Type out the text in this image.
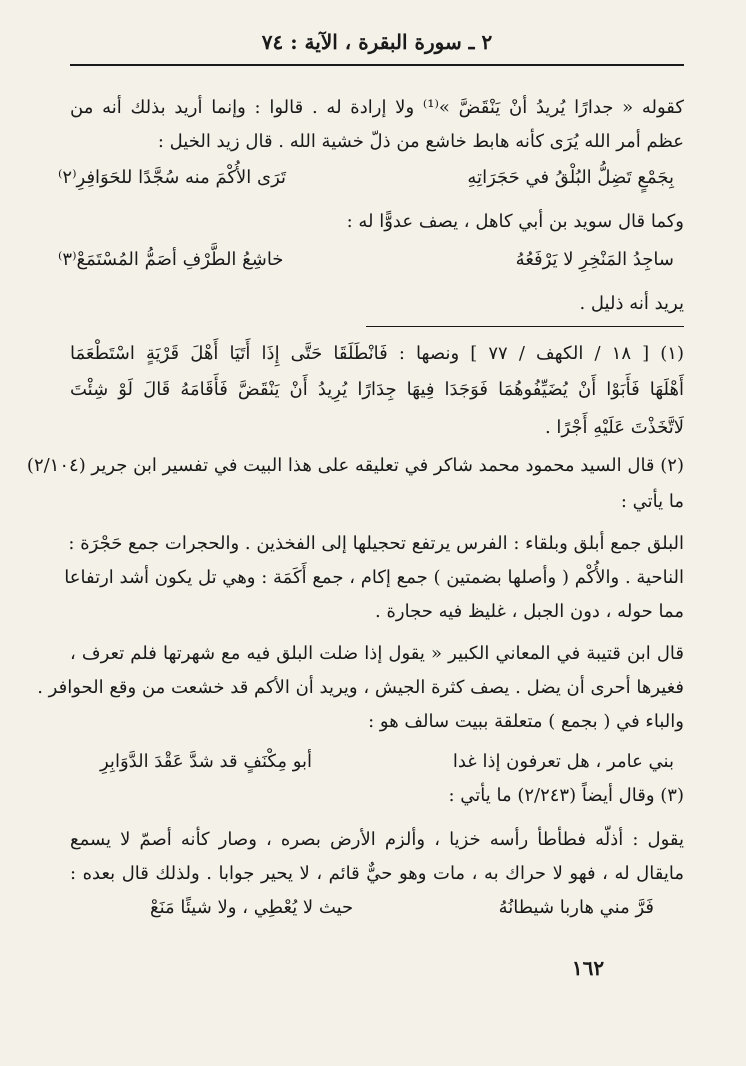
٢ ـ سورة البقرة ، الآية : ٧٤
كقوله « جدارًا يُريدُ أنْ يَنْقَضَّ »⁽¹⁾ ولا إرادة له . قالوا : وإنما أريد بذلك أنه من
عظم أمر الله يُرَى كأنه هابط خاشع من ذلّ خشية الله . قال زيد الخيل :
بِجَمْعٍ تَضِلُّ البُلْقُ في حَجَرَاتِهِ
تَرَى الأُكْمَ منه سُجَّدًا للحَوَافِرِ⁽٢⁾
وكما قال سويد بن أبي كاهل ، يصف عدوًّا له :
ساجِدُ المَنْخِرِ لا يَرْفَعُهُ
خاشِعُ الطَّرْفِ أصَمُّ المُسْتَمَعْ⁽٣⁾
يريد أنه ذليل .
(١) [ ١٨ / الكهف / ٧٧ ] ونصها : فَانْطَلَقَا حَتَّى إِذَا أَتَيَا أَهْلَ قَرْيَةٍ اسْتَطْعَمَا
أَهْلَهَا فَأَبَوْا أَنْ يُضَيِّفُوهُمَا فَوَجَدَا فِيهَا جِدَارًا يُرِيدُ أَنْ يَنْقَضَّ فَأَقَامَهُ قَالَ لَوْ شِئْتَ
لَاتَّخَذْتَ عَلَيْهِ أَجْرًا .
(٢) قال السيد محمود محمد شاكر في تعليقه على هذا البيت في تفسير ابن جرير (٢/١٠٤)
ما يأتي :
البلق جمع أبلق وبلقاء : الفرس يرتفع تحجيلها إلى الفخذين . والحجرات جمع حَجْرَة :
الناحية . والأُكْم ( وأصلها بضمتين ) جمع إكام ، جمع أَكَمَة : وهي تل يكون أشد ارتفاعا
مما حوله ، دون الجبل ، غليظ فيه حجارة .
قال ابن قتيبة في المعاني الكبير « يقول إذا ضلت البلق فيه مع شهرتها فلم تعرف ،
فغيرها أحرى أن يضل . يصف كثرة الجيش ، ويريد أن الأكم قد خشعت من وقع الحوافر .
والباء في ( بجمع ) متعلقة ببيت سالف هو :
بني عامر ، هل تعرفون إذا غدا
أبو مِكْنَفٍ قد شدَّ عَقْدَ الدَّوَابِرِ
(٣) وقال أيضاً (٢/٢٤٣) ما يأتي :
يقول : أذلّه فطأطأ رأسه خزيا ، وألزم الأرض بصره ، وصار كأنه أصمّ لا يسمع
مايقال له ، فهو لا حراك به ، مات وهو حيٌّ قائم ، لا يحير جوابا . ولذلك قال بعده :
فَرَّ مني هاربا شيطانُهُ
حيث لا يُعْطِي ، ولا شيئًا مَنَعْ
١٦٢
